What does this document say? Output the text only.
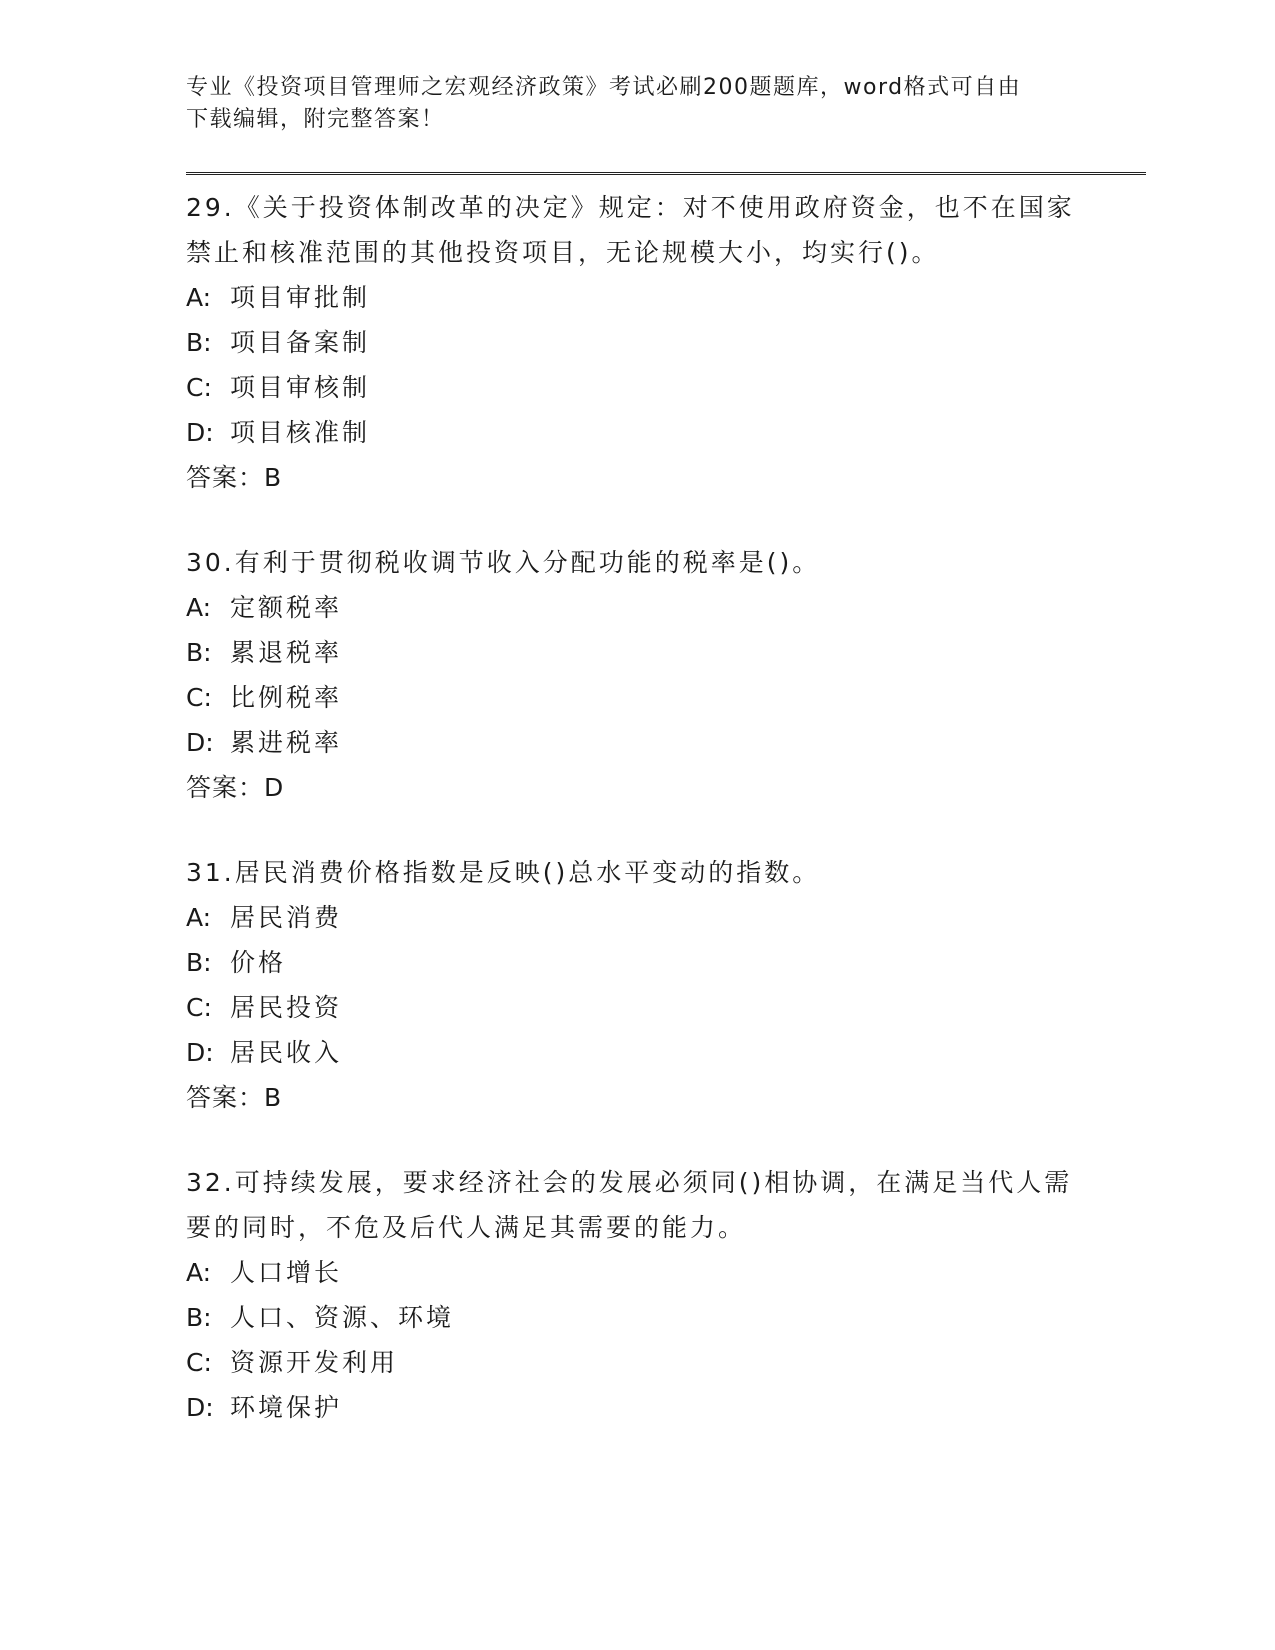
专业《投资项目管理师之宏观经济政策》考试必刷200题题库，word格式可自由

下载编辑，附完整答案！

29.《关于投资体制改革的决定》规定：对不使用政府资金，也不在国家禁止和核准范围的其他投资项目，无论规模大小，均实行()。

A: 项目审批制

B: 项目备案制

C: 项目审核制

D: 项目核准制

答案：B

30.有利于贯彻税收调节收入分配功能的税率是()。

A: 定额税率

B: 累退税率

C: 比例税率

D: 累进税率

答案：D

31.居民消费价格指数是反映()总水平变动的指数。

A: 居民消费

B: 价格

C: 居民投资

D: 居民收入

答案：B

32.可持续发展，要求经济社会的发展必须同()相协调，在满足当代人需要的同时，不危及后代人满足其需要的能力。

A: 人口增长

B: 人口、资源、环境

C: 资源开发利用

D: 环境保护
